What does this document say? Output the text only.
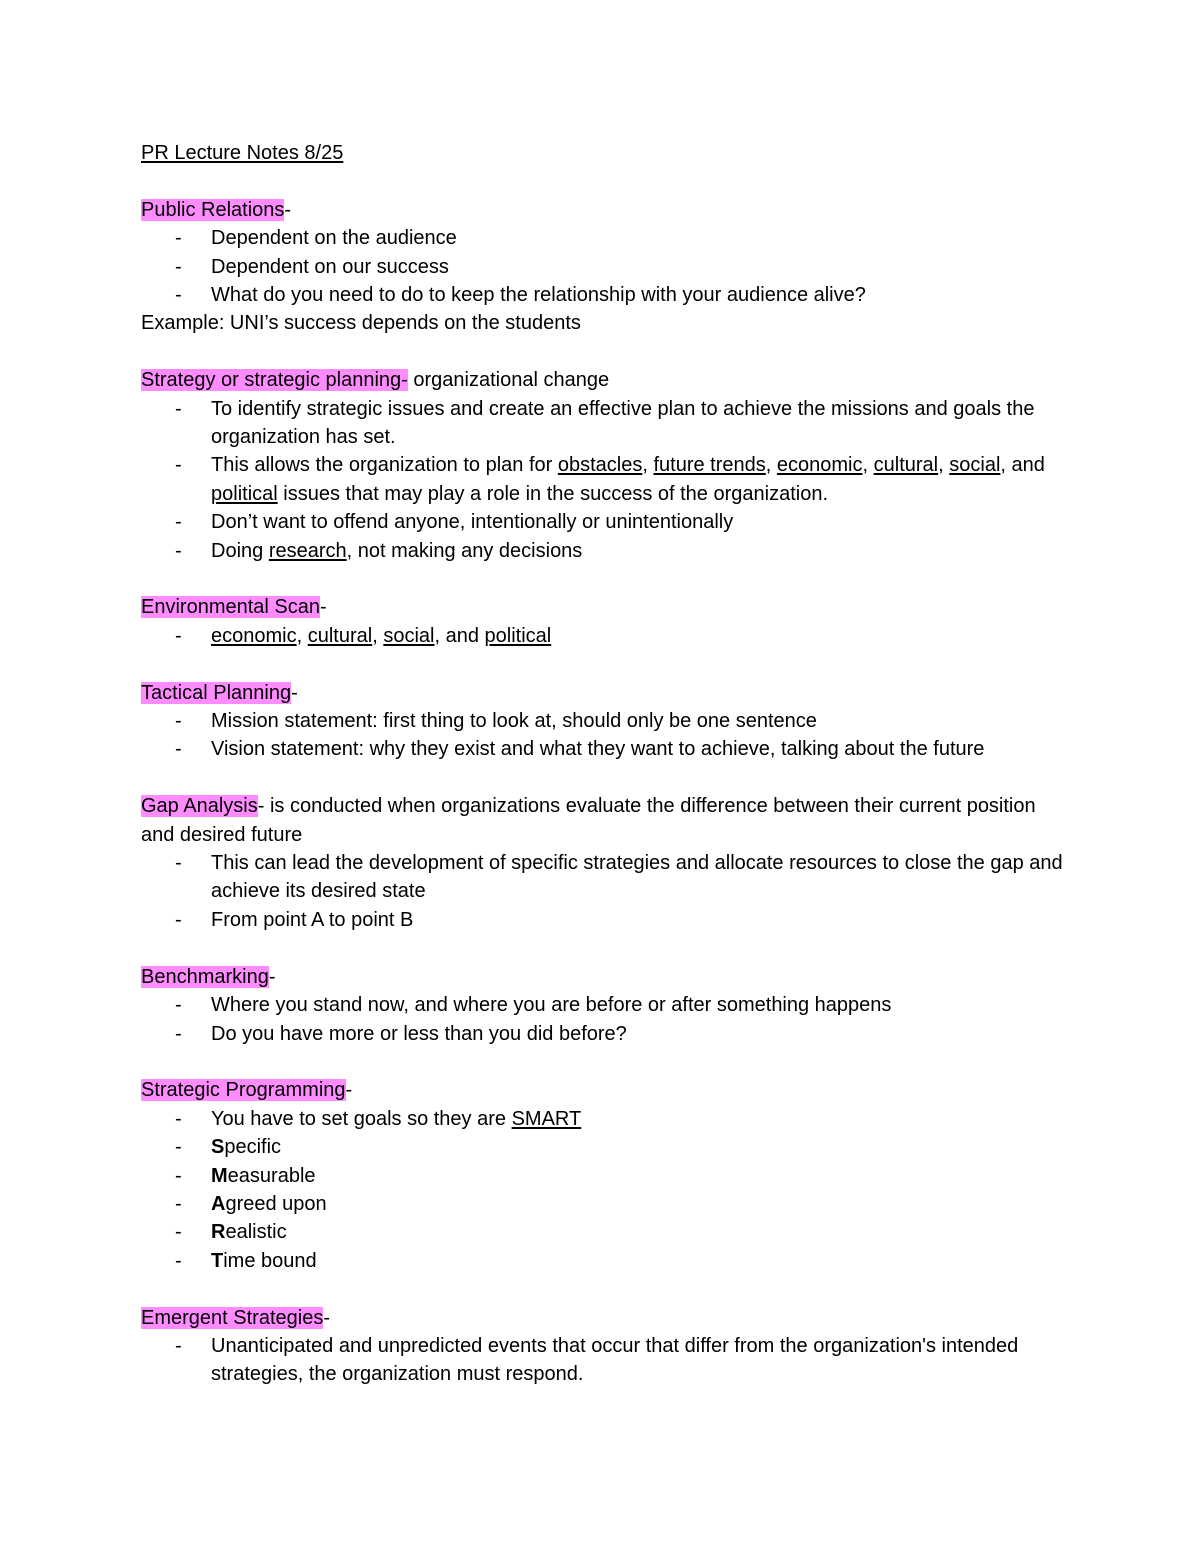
PR Lecture Notes 8/25
Public Relations-
- Dependent on the audience
- Dependent on our success
- What do you need to do to keep the relationship with your audience alive?
Example: UNI’s success depends on the students
Strategy or strategic planning- organizational change
- To identify strategic issues and create an effective plan to achieve the missions and goals the organization has set.
- This allows the organization to plan for obstacles, future trends, economic, cultural, social, and political issues that may play a role in the success of the organization.
- Don’t want to offend anyone, intentionally or unintentionally
- Doing research, not making any decisions
Environmental Scan-
- economic, cultural, social, and political
Tactical Planning-
- Mission statement: first thing to look at, should only be one sentence
- Vision statement: why they exist and what they want to achieve, talking about the future
Gap Analysis- is conducted when organizations evaluate the difference between their current position and desired future
- This can lead the development of specific strategies and allocate resources to close the gap and achieve its desired state
- From point A to point B
Benchmarking-
- Where you stand now, and where you are before or after something happens
- Do you have more or less than you did before?
Strategic Programming-
- You have to set goals so they are SMART
- Specific
- Measurable
- Agreed upon
- Realistic
- Time bound
Emergent Strategies-
- Unanticipated and unpredicted events that occur that differ from the organization's intended strategies, the organization must respond.
